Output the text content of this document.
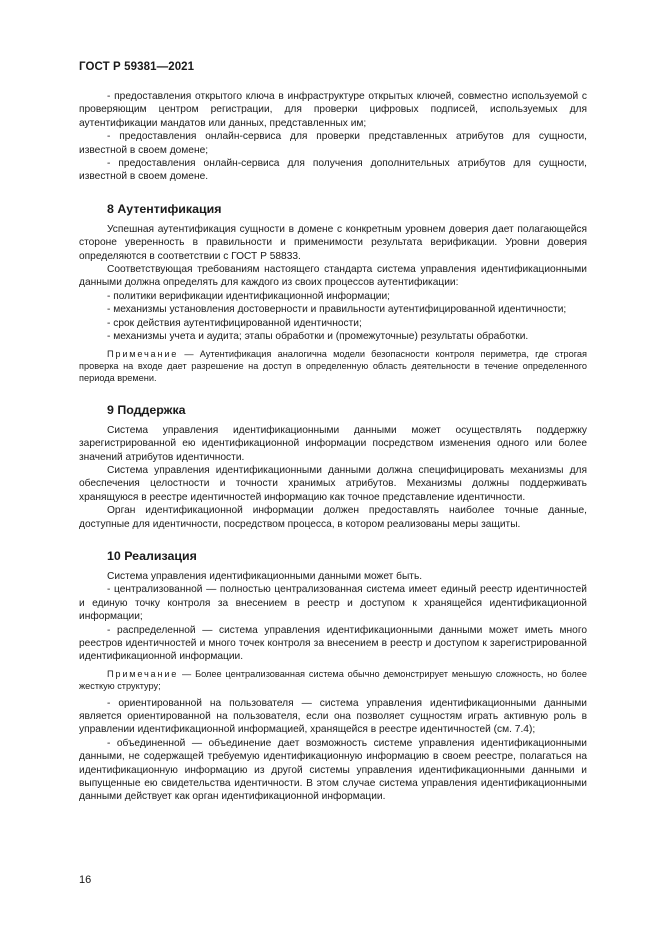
ГОСТ Р 59381—2021

- предоставления открытого ключа в инфраструктуре открытых ключей, совместно используемой с проверяющим центром регистрации, для проверки цифровых подписей, используемых для аутентификации мандатов или данных, представленных им;

- предоставления онлайн-сервиса для проверки представленных атрибутов для сущности, известной в своем домене;

- предоставления онлайн-сервиса для получения дополнительных атрибутов для сущности, известной в своем домене.

8 Аутентификация

Успешная аутентификация сущности в домене с конкретным уровнем доверия дает полагающейся стороне уверенность в правильности и применимости результата верификации. Уровни доверия определяются в соответствии с ГОСТ Р 58833.

Соответствующая требованиям настоящего стандарта система управления идентификационными данными должна определять для каждого из своих процессов аутентификации:

- политики верификации идентификационной информации;

- механизмы установления достоверности и правильности аутентифицированной идентичности;

- срок действия аутентифицированной идентичности;

- механизмы учета и аудита; этапы обработки и (промежуточные) результаты обработки.

Примечание — Аутентификация аналогична модели безопасности контроля периметра, где строгая проверка на входе дает разрешение на доступ в определенную область деятельности в течение определенного периода времени.

9 Поддержка

Система управления идентификационными данными может осуществлять поддержку зарегистрированной ею идентификационной информации посредством изменения одного или более значений атрибутов идентичности.

Система управления идентификационными данными должна специфицировать механизмы для обеспечения целостности и точности хранимых атрибутов. Механизмы должны поддерживать хранящуюся в реестре идентичностей информацию как точное представление идентичности.

Орган идентификационной информации должен предоставлять наиболее точные данные, доступные для идентичности, посредством процесса, в котором реализованы меры защиты.

10 Реализация

Система управления идентификационными данными может быть.

- централизованной — полностью централизованная система имеет единый реестр идентичностей и единую точку контроля за внесением в реестр и доступом к хранящейся идентификационной информации;

- распределенной — система управления идентификационными данными может иметь много реестров идентичностей и много точек контроля за внесением в реестр и доступом к зарегистрированной идентификационной информации.

Примечание — Более централизованная система обычно демонстрирует меньшую сложность, но более жесткую структуру;

- ориентированной на пользователя — система управления идентификационными данными является ориентированной на пользователя, если она позволяет сущностям играть активную роль в управлении идентификационной информацией, хранящейся в реестре идентичностей (см. 7.4);

- объединенной — объединение дает возможность системе управления идентификационными данными, не содержащей требуемую идентификационную информацию в своем реестре, полагаться на идентификационную информацию из другой системы управления идентификационными данными и выпущенные ею свидетельства идентичности. В этом случае система управления идентификационными данными действует как орган идентификационной информации.

16
